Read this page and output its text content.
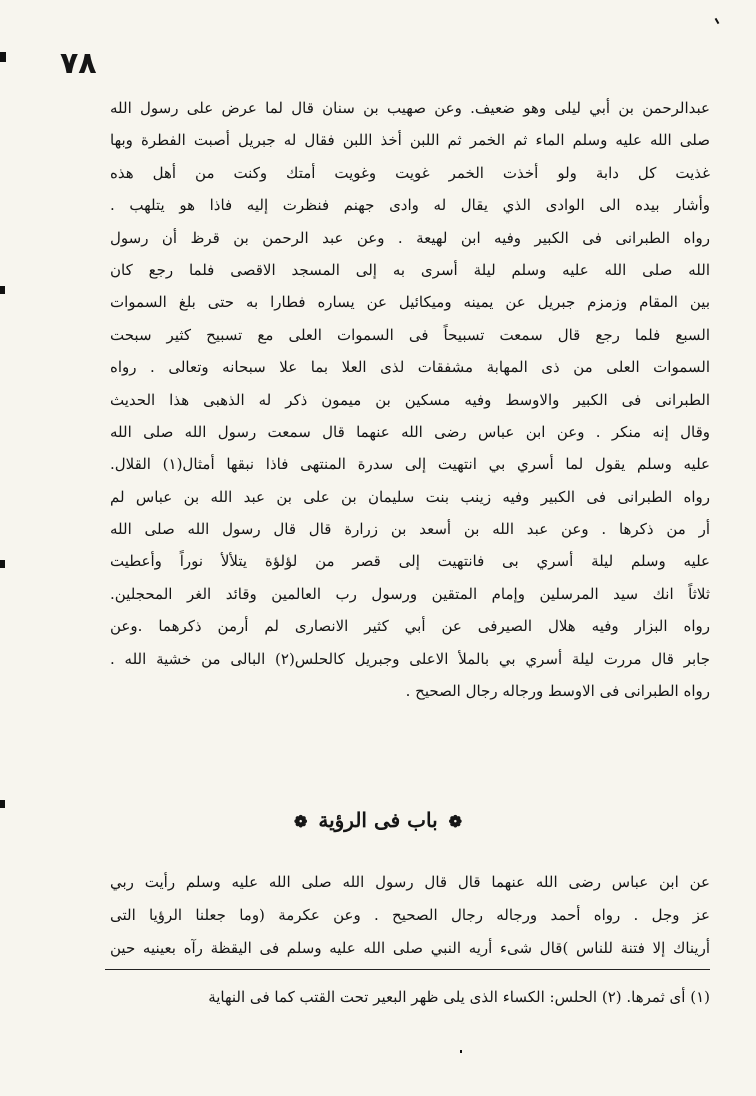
٧٨
عبدالرحمن بن أبي ليلى وهو ضعيف. وعن صهيب بن سنان قال لما عرض على رسول الله
صلى الله عليه وسلم الماء ثم الخمر ثم اللبن أخذ اللبن فقال له جبريل أصبت الفطرة وبها
غذيت كل دابة ولو أخذت الخمر غويت وغويت أمتك وكنت من أهل هذه
وأشار بيده الى الوادى الذي يقال له وادى جهنم فنظرت إليه فاذا هو يتلهب .
رواه الطبرانى فى الكبير وفيه ابن لهيعة . وعن عبد الرحمن بن قرظ أن رسول
الله صلى الله عليه وسلم ليلة أسرى به إلى المسجد الاقصى فلما رجع كان
بين المقام وزمزم جبريل عن يمينه وميكائيل عن يساره فطارا به حتى بلغ السموات
السبع فلما رجع قال سمعت تسبيحاً فى السموات العلى مع تسبيح كثير سبحت
السموات العلى من ذى المهابة مشفقات لذى العلا بما علا سبحانه وتعالى . رواه
الطبرانى فى الكبير والاوسط وفيه مسكين بن ميمون ذكر له الذهبى هذا الحديث
وقال إنه منكر . وعن ابن عباس رضى الله عنهما قال سمعت رسول الله صلى الله
عليه وسلم يقول لما أسري بي انتهيت إلى سدرة المنتهى فاذا نبقها أمثال(١) القلال.
رواه الطبرانى فى الكبير وفيه زينب بنت سليمان بن على بن عبد الله بن عباس لم
أر من ذكرها . وعن عبد الله بن أسعد بن زرارة قال قال رسول الله صلى الله
عليه وسلم ليلة أسري بى فانتهيت إلى قصر من لؤلؤة يتلألأ نوراً وأعطيت
ثلاثاً انك سيد المرسلين وإمام المتقين ورسول رب العالمين وقائد الغر المحجلين.
رواه البزار وفيه هلال الصيرفى عن أبي كثير الانصارى لم أرمن ذكرهما .وعن
جابر قال مررت ليلة أسري بي بالملأ الاعلى وجبريل كالحلس(٢) البالى من خشية الله .
رواه الطبرانى فى الاوسط ورجاله رجال الصحيح .
❁ باب فى الرؤية ❁
عن ابن عباس رضى الله عنهما قال قال رسول الله صلى الله عليه وسلم رأيت ربي
عز وجل . رواه أحمد ورجاله رجال الصحيح . وعن عكرمة (وما جعلنا الرؤيا التى
أريناك إلا فتنة للناس )قال شىء أريه النبي صلى الله عليه وسلم فى اليقظة رآه بعينيه حين
(١) أى ثمرها. (٢) الحلس: الكساء الذى يلى ظهر البعير تحت القتب كما فى النهاية
